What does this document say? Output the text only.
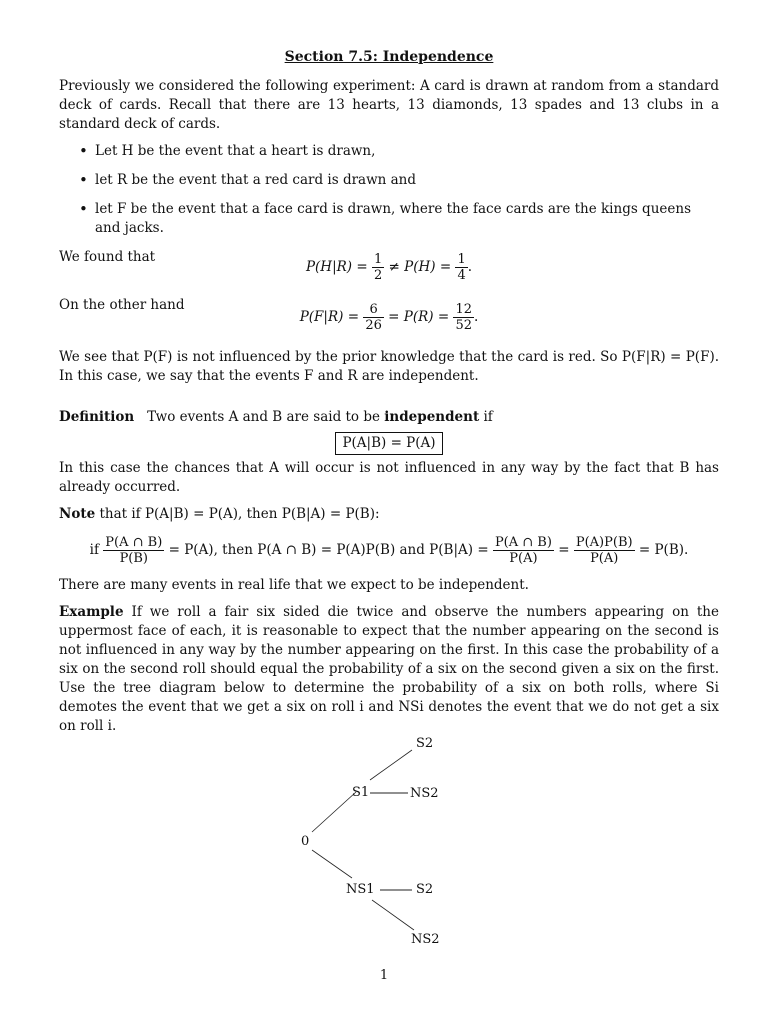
Section 7.5: Independence

Previously we considered the following experiment: A card is drawn at random from a standard deck of cards. Recall that there are 13 hearts, 13 diamonds, 13 spades and 13 clubs in a standard deck of cards.

• Let H be the event that a heart is drawn,
• let R be the event that a red card is drawn and
• let F be the event that a face card is drawn, where the face cards are the kings queens and jacks.
We found that
$P(H|R) = \frac{1}{2} \ne P(H) = \frac{1}{4}$ .
On the other hand
$P(F|R) = \frac{6}{26} = P(R) = \frac{12}{52}$ .

We see that P(F) is not influenced by the prior knowledge that the card is red. So P(F|R) = P(F). In this case, we say that the events F and R are independent.

Definition Two events A and B are said to be independent if

P(A|B) = P(A)

In this case the chances that A will occur is not influenced in any way by the fact that B has already occurred.

Note that if P(A|B) = P(A), then P(B|A) = P(B):

if $\frac{P(A \cap B)}{P(B)} = P(A)$, then P(A ∩ B) = P(A)P(B) and $P(B|A) = \frac{P(A \cap B)}{P(A)} = \frac{P(A)P(B)}{P(A)} = P(B)$.

There are many events in real life that we expect to be independent.

Example If we roll a fair six sided die twice and observe the numbers appearing on the uppermost face of each, it is reasonable to expect that the number appearing on the second is not influenced in any way by the number appearing on the first. In this case the probability of a six on the second roll should equal the probability of a six on the second given a six on the first. Use the tree diagram below to determine the probability of a six on both rolls, where Si demotes the event that we get a six on roll i and NSi denotes the event that we do not get a six on roll i.

0
S1
NS1
S2
NS2
S2
NS2
1
